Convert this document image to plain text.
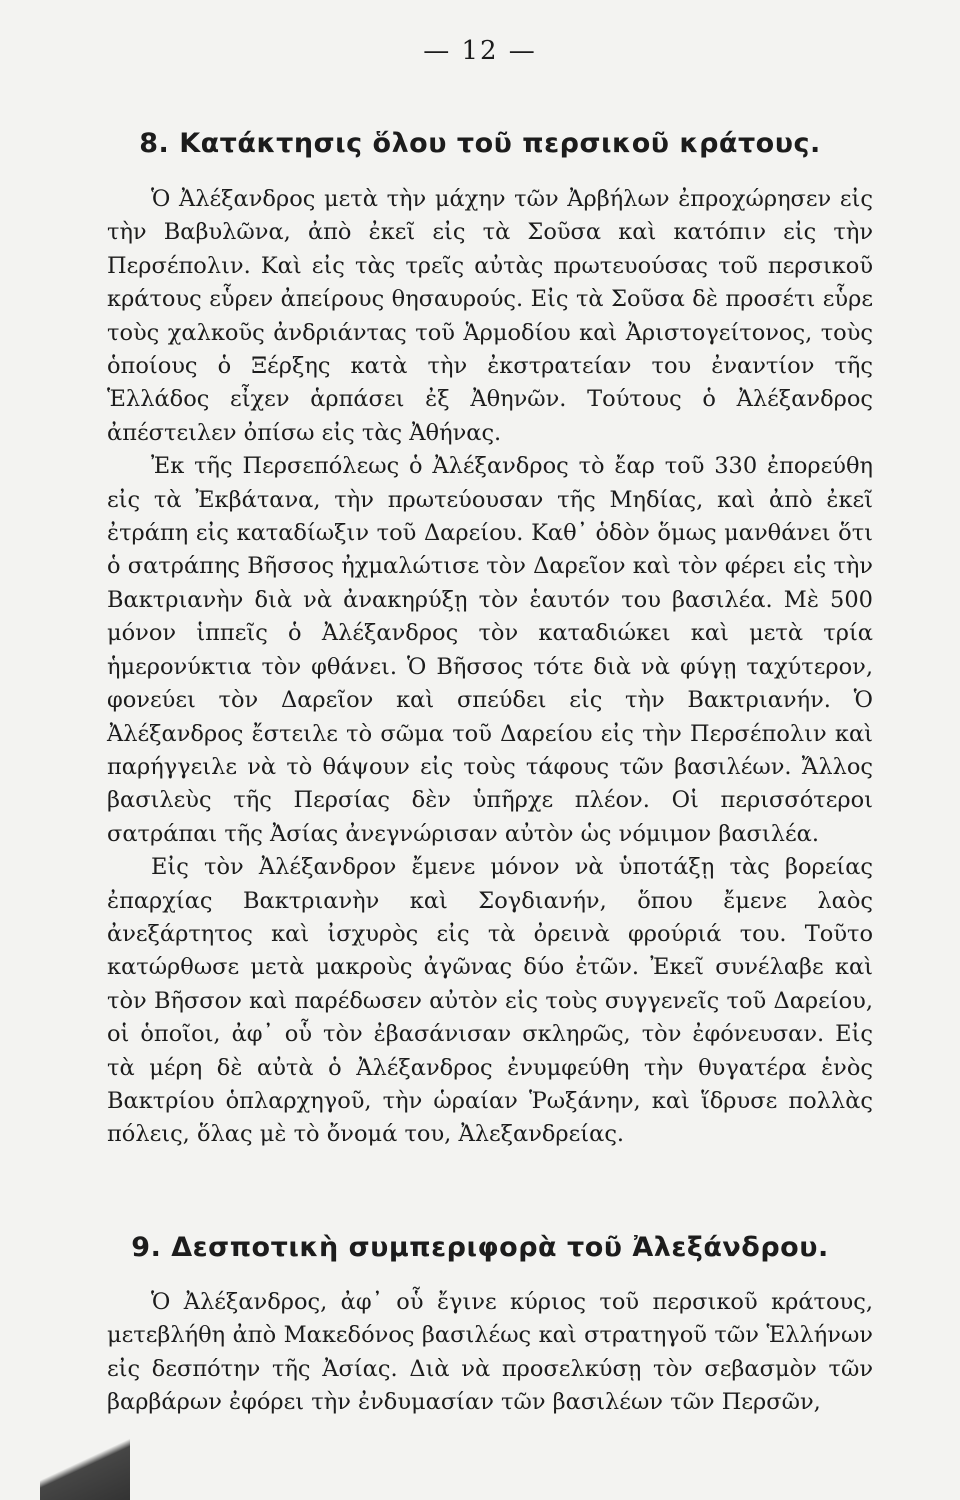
— 12 —
8. Κατάκτησις ὅλου τοῦ περσικοῦ κράτους.

Ὁ Ἀλέξανδρος μετὰ τὴν μάχην τῶν Ἀρβήλων ἐπροχώρησεν εἰς τὴν Βαβυλῶνα, ἀπὸ ἐκεῖ εἰς τὰ Σοῦσα καὶ κατόπιν εἰς τὴν Περσέπολιν. Καὶ εἰς τὰς τρεῖς αὐτὰς πρωτευούσας τοῦ περσικοῦ κράτους εὗρεν ἀπείρους θησαυρούς. Εἰς τὰ Σοῦσα δὲ προσέτι εὗρε τοὺς χαλκοῦς ἀνδριάντας τοῦ Ἁρμοδίου καὶ Ἀριστογείτονος, τοὺς ὁποίους ὁ Ξέρξης κατὰ τὴν ἐκστρατείαν του ἐναντίον τῆς Ἑλλάδος εἶχεν ἁρπάσει ἐξ Ἀθηνῶν. Τούτους ὁ Ἀλέξανδρος ἀπέστειλεν ὀπίσω εἰς τὰς Ἀθήνας.

Ἐκ τῆς Περσεπόλεως ὁ Ἀλέξανδρος τὸ ἔαρ τοῦ 330 ἐπορεύθη εἰς τὰ Ἐκβάτανα, τὴν πρωτεύουσαν τῆς Μηδίας, καὶ ἀπὸ ἐκεῖ ἐτράπη εἰς καταδίωξιν τοῦ Δαρείου. Καθ᾽ ὁδὸν ὅμως μανθάνει ὅτι ὁ σατράπης Βῆσσος ἠχμαλώτισε τὸν Δαρεῖον καὶ τὸν φέρει εἰς τὴν Βακτριανὴν διὰ νὰ ἀνακηρύξῃ τὸν ἑαυτόν του βασιλέα. Μὲ 500 μόνον ἱππεῖς ὁ Ἀλέξανδρος τὸν καταδιώκει καὶ μετὰ τρία ἡμερονύκτια τὸν φθάνει. Ὁ Βῆσσος τότε διὰ νὰ φύγῃ ταχύτερον, φονεύει τὸν Δαρεῖον καὶ σπεύδει εἰς τὴν Βακτριανήν. Ὁ Ἀλέξανδρος ἔστειλε τὸ σῶμα τοῦ Δαρείου εἰς τὴν Περσέπολιν καὶ παρήγγειλε νὰ τὸ θάψουν εἰς τοὺς τάφους τῶν βασιλέων. Ἄλλος βασιλεὺς τῆς Περσίας δὲν ὑπῆρχε πλέον. Οἱ περισσότεροι σατράπαι τῆς Ἀσίας ἀνεγνώρισαν αὐτὸν ὡς νόμιμον βασιλέα.

Εἰς τὸν Ἀλέξανδρον ἔμενε μόνον νὰ ὑποτάξῃ τὰς βορείας ἐπαρχίας Βακτριανὴν καὶ Σογδιανήν, ὅπου ἔμενε λαὸς ἀνεξάρτητος καὶ ἰσχυρὸς εἰς τὰ ὀρεινὰ φρούριά του. Τοῦτο κατώρθωσε μετὰ μακροὺς ἀγῶνας δύο ἐτῶν. Ἐκεῖ συνέλαβε καὶ τὸν Βῆσσον καὶ παρέδωσεν αὐτὸν εἰς τοὺς συγγενεῖς τοῦ Δαρείου, οἱ ὁποῖοι, ἀφ᾽ οὗ τὸν ἐβασάνισαν σκληρῶς, τὸν ἐφόνευσαν. Εἰς τὰ μέρη δὲ αὐτὰ ὁ Ἀλέξανδρος ἐνυμφεύθη τὴν θυγατέρα ἑνὸς Βακτρίου ὁπλαρχηγοῦ, τὴν ὡραίαν Ῥωξάνην, καὶ ἵδρυσε πολλὰς πόλεις, ὅλας μὲ τὸ ὄνομά του, Ἀλεξανδρείας.

9. Δεσποτικὴ συμπεριφορὰ τοῦ Ἀλεξάνδρου.

Ὁ Ἀλέξανδρος, ἀφ᾽ οὗ ἔγινε κύριος τοῦ περσικοῦ κράτους, μετεβλήθη ἀπὸ Μακεδόνος βασιλέως καὶ στρατηγοῦ τῶν Ἑλλήνων εἰς δεσπότην τῆς Ἀσίας. Διὰ νὰ προσελκύσῃ τὸν σεβασμὸν τῶν βαρβάρων ἐφόρει τὴν ἐνδυμασίαν τῶν βασιλέων τῶν Περσῶν,
